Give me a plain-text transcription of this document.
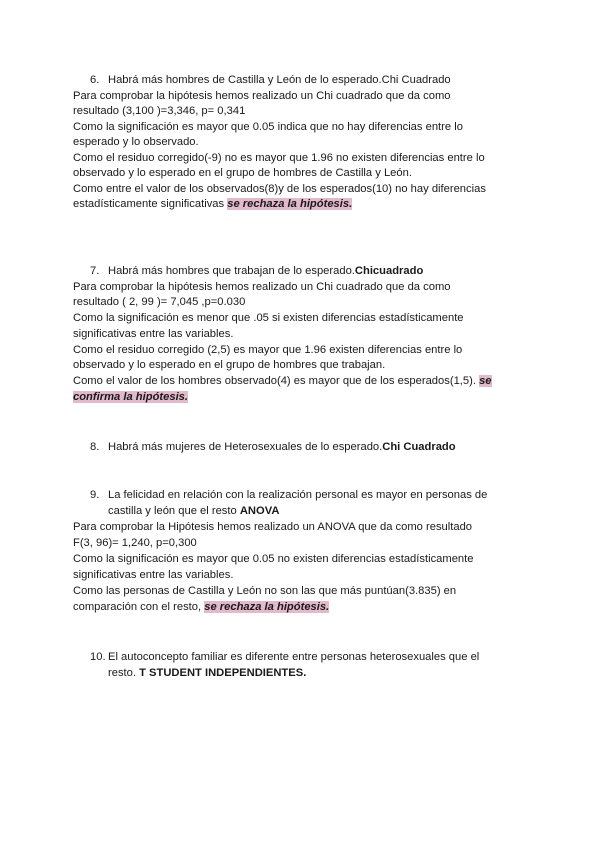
6. Habrá más hombres de Castilla y León de lo esperado.Chi Cuadrado
Para comprobar la hipótesis hemos realizado un Chi cuadrado que da como
resultado (3,100 )=3,346, p= 0,341
Como la significación es mayor que 0.05 indica que no hay diferencias entre lo
esperado y lo observado.
Como el residuo corregido(-9) no es mayor que 1.96 no existen diferencias entre lo
observado y lo esperado en el grupo de hombres de Castilla y León.
Como entre el valor de los observados(8)y de los esperados(10) no hay diferencias
estadísticamente significativas se rechaza la hipótesis.
7. Habrá más hombres que trabajan de lo esperado.Chicuadrado
Para comprobar la hipótesis hemos realizado un Chi cuadrado que da como
resultado ( 2, 99 )= 7,045 ,p=0.030
Como la significación es menor que .05 si existen diferencias estadísticamente
significativas entre las variables.
Como el residuo corregido (2,5) es mayor que 1.96 existen diferencias entre lo
observado y lo esperado en el grupo de hombres que trabajan.
Como el valor de los hombres observado(4) es mayor que de los esperados(1,5). se
confirma la hipótesis.
8. Habrá más mujeres de Heterosexuales de lo esperado.Chi Cuadrado
9. La felicidad en relación con la realización personal es mayor en personas de
castilla y león que el resto ANOVA
Para comprobar la Hipótesis hemos realizado un ANOVA que da como resultado
F(3, 96)= 1,240, p=0,300
Como la significación es mayor que 0.05 no existen diferencias estadísticamente
significativas entre las variables.
Como las personas de Castilla y León no son las que más puntúan(3.835) en
comparación con el resto, se rechaza la hipótesis.
10. El autoconcepto familiar es diferente entre personas heterosexuales que el
resto. T STUDENT INDEPENDIENTES.
